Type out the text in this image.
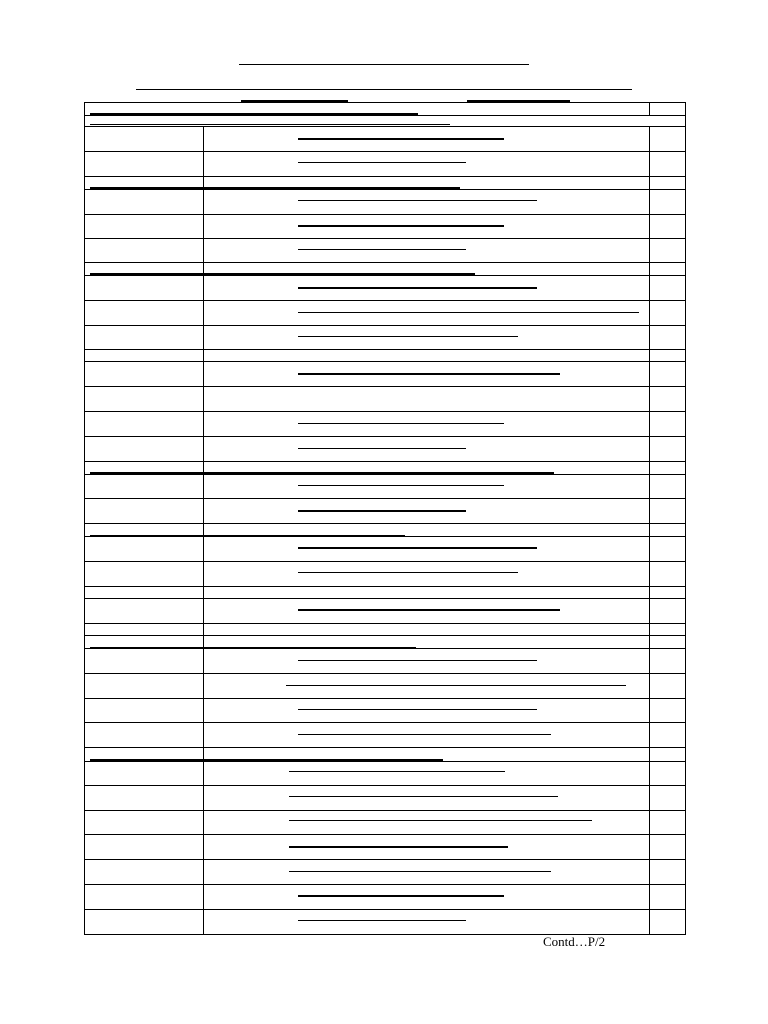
Contd…P/2
